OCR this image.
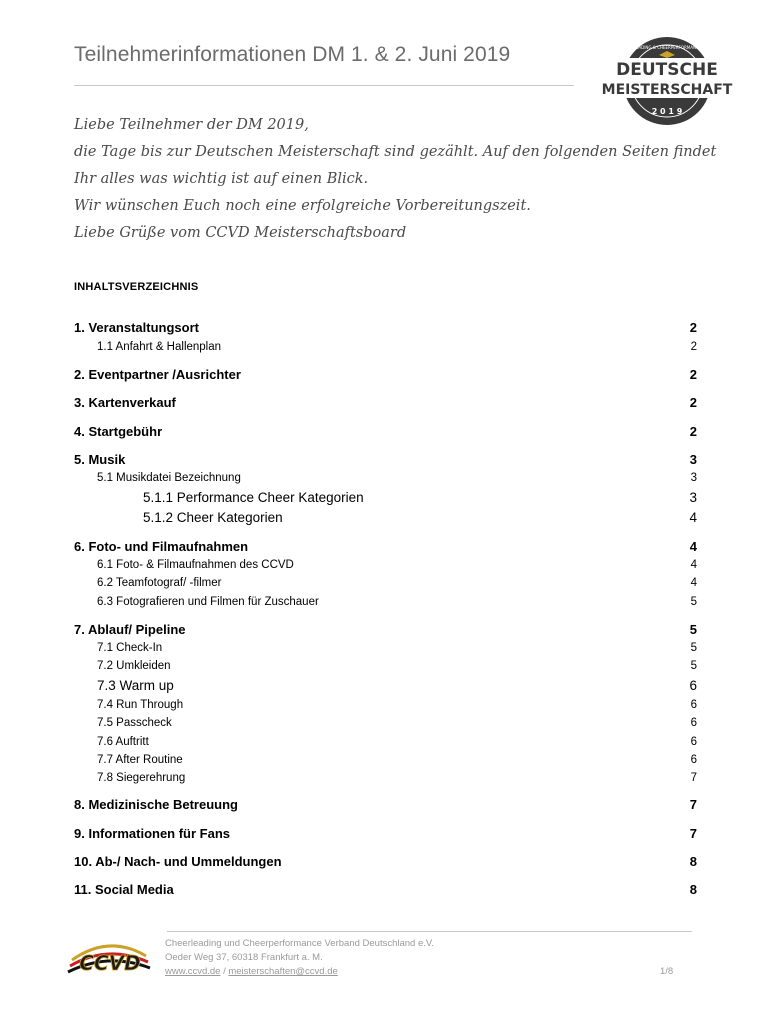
Teilnehmerinformationen DM 1. & 2. Juni 2019
DEUTSCHE
MEISTERSCHAFT
2 0 1 9
CHEERLEADING & CHEERPERFORMANCE CCVD
Liebe Teilnehmer der DM 2019,
die Tage bis zur Deutschen Meisterschaft sind gezählt. Auf den folgenden Seiten findet
Ihr alles was wichtig ist auf einen Blick.
Wir wünschen Euch noch eine erfolgreiche Vorbereitungszeit.
Liebe Grüße vom CCVD Meisterschaftsboard
INHALTSVERZEICHNIS
1. Veranstaltungsort	2
1.1 Anfahrt & Hallenplan	2
2. Eventpartner /Ausrichter	2
3. Kartenverkauf	2
4. Startgebühr	2
5. Musik	3
5.1 Musikdatei Bezeichnung	3
5.1.1 Performance Cheer Kategorien	3
5.1.2 Cheer Kategorien	4
6. Foto- und Filmaufnahmen	4
6.1 Foto- & Filmaufnahmen des CCVD	4
6.2 Teamfotograf/ -filmer	4
6.3 Fotografieren und Filmen für Zuschauer	5
7. Ablauf/ Pipeline	5
7.1 Check-In	5
7.2 Umkleiden	5
7.3 Warm up	6
7.4 Run Through	6
7.5 Passcheck	6
7.6 Auftritt	6
7.7 After Routine	6
7.8 Siegerehrung	7
8. Medizinische Betreuung	7
9. Informationen für Fans	7
10. Ab-/ Nach- und Ummeldungen	8
11. Social Media	8
CCVD
Cheerleading und Cheerperformance Verband Deutschland e.V.
Oeder Weg 37, 60318 Frankfurt a. M.
www.ccvd.de / meisterschaften@ccvd.de	1/8
